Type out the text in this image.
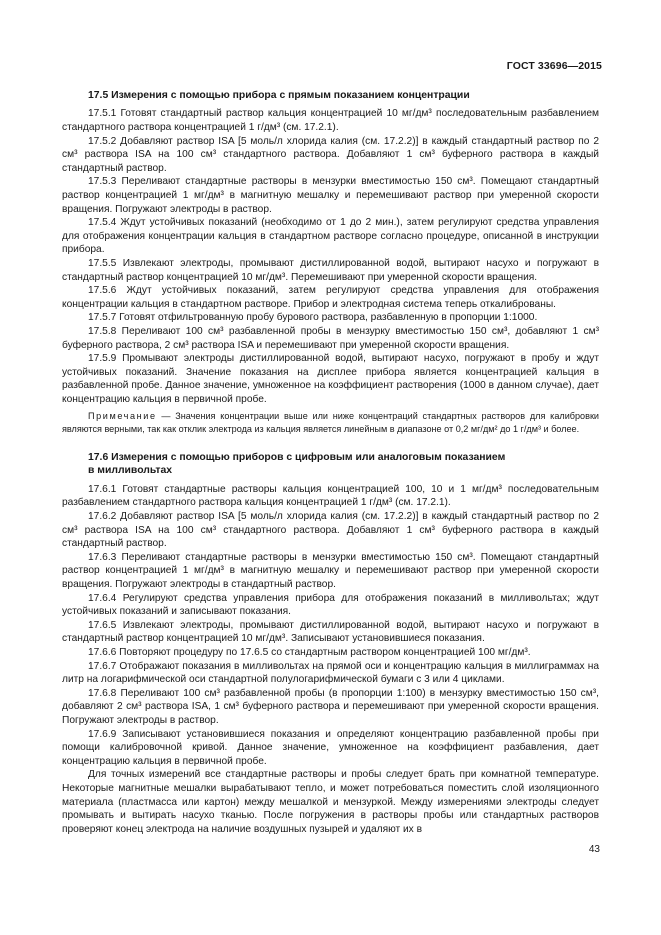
ГОСТ 33696—2015
17.5 Измерения с помощью прибора с прямым показанием концентрации

17.5.1 Готовят стандартный раствор кальция концентрацией 10 мг/дм³ последовательным разбавлением стандартного раствора концентрацией 1 г/дм³ (см. 17.2.1).

17.5.2 Добавляют раствор ISA [5 моль/л хлорида калия (см. 17.2.2)] в каждый стандартный раствор по 2 см³ раствора ISA на 100 см³ стандартного раствора. Добавляют 1 см³ буферного раствора в каждый стандартный раствор.

17.5.3 Переливают стандартные растворы в мензурки вместимостью 150 см³. Помещают стандартный раствор концентрацией 1 мг/дм³ в магнитную мешалку и перемешивают раствор при умеренной скорости вращения. Погружают электроды в раствор.

17.5.4 Ждут устойчивых показаний (необходимо от 1 до 2 мин.), затем регулируют средства управления для отображения концентрации кальция в стандартном растворе согласно процедуре, описанной в инструкции прибора.

17.5.5 Извлекают электроды, промывают дистиллированной водой, вытирают насухо и погружают в стандартный раствор концентрацией 10 мг/дм³. Перемешивают при умеренной скорости вращения.

17.5.6 Ждут устойчивых показаний, затем регулируют средства управления для отображения концентрации кальция в стандартном растворе. Прибор и электродная система теперь откалиброваны.

17.5.7 Готовят отфильтрованную пробу бурового раствора, разбавленную в пропорции 1:1000.

17.5.8 Переливают 100 см³ разбавленной пробы в мензурку вместимостью 150 см³, добавляют 1 см³ буферного раствора, 2 см³ раствора ISA и перемешивают при умеренной скорости вращения.

17.5.9 Промывают электроды дистиллированной водой, вытирают насухо, погружают в пробу и ждут устойчивых показаний. Значение показания на дисплее прибора является концентрацией кальция в разбавленной пробе. Данное значение, умноженное на коэффициент растворения (1000 в данном случае), дает концентрацию кальция в первичной пробе.

Примечание — Значения концентрации выше или ниже концентраций стандартных растворов для калибровки являются верными, так как отклик электрода из кальция является линейным в диапазоне от 0,2 мг/дм² до 1 г/дм³ и более.

17.6 Измерения с помощью приборов с цифровым или аналоговым показанием
в милливольтах

17.6.1 Готовят стандартные растворы кальция концентрацией 100, 10 и 1 мг/дм³ последовательным разбавлением стандартного раствора кальция концентрацией 1 г/дм³ (см. 17.2.1).

17.6.2 Добавляют раствор ISA [5 моль/л хлорида калия (см. 17.2.2)] в каждый стандартный раствор по 2 см³ раствора ISA на 100 см³ стандартного раствора. Добавляют 1 см³ буферного раствора в каждый стандартный раствор.

17.6.3 Переливают стандартные растворы в мензурки вместимостью 150 см³. Помещают стандартный раствор концентрацией 1 мг/дм³ в магнитную мешалку и перемешивают раствор при умеренной скорости вращения. Погружают электроды в стандартный раствор.

17.6.4 Регулируют средства управления прибора для отображения показаний в милливольтах; ждут устойчивых показаний и записывают показания.

17.6.5 Извлекают электроды, промывают дистиллированной водой, вытирают насухо и погружают в стандартный раствор концентрацией 10 мг/дм³. Записывают установившиеся показания.

17.6.6 Повторяют процедуру по 17.6.5 со стандартным раствором концентрацией 100 мг/дм³.

17.6.7 Отображают показания в милливольтах на прямой оси и концентрацию кальция в миллиграммах на литр на логарифмической оси стандартной полулогарифмической бумаги с 3 или 4 циклами.

17.6.8 Переливают 100 см³ разбавленной пробы (в пропорции 1:100) в мензурку вместимостью 150 см³, добавляют 2 см³ раствора ISA, 1 см³ буферного раствора и перемешивают при умеренной скорости вращения. Погружают электроды в раствор.

17.6.9 Записывают установившиеся показания и определяют концентрацию разбавленной пробы при помощи калибровочной кривой. Данное значение, умноженное на коэффициент разбавления, дает концентрацию кальция в первичной пробе.

Для точных измерений все стандартные растворы и пробы следует брать при комнатной температуре. Некоторые магнитные мешалки вырабатывают тепло, и может потребоваться поместить слой изоляционного материала (пластмасса или картон) между мешалкой и мензуркой. Между измерениями электроды следует промывать и вытирать насухо тканью. После погружения в растворы пробы или стандартных растворов проверяют конец электрода на наличие воздушных пузырей и удаляют их в

43
